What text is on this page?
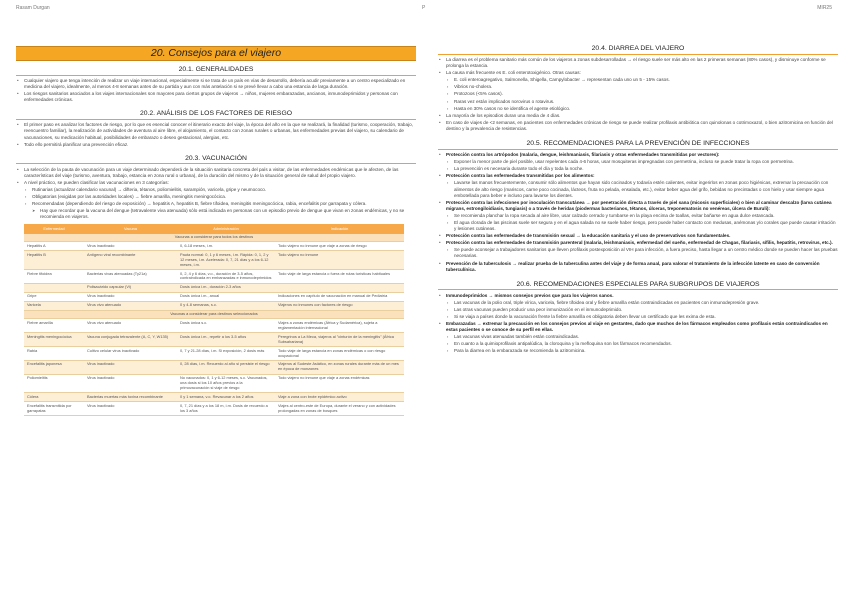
Rasam Durgan	P	MIR25
20. Consejos para el viajero
20.1. GENERALIDADES
• Cualquier viajero que tenga intención de realizar un viaje internacional, especialmente si se trata de un país en vías de desarrollo, debería acudir previamente a un centro especializado en medicina del viajero, idealmente, al menos 4-8 semanas antes de su partida y aun con más antelación si se prevé llevar a cabo una estancia de larga duración.
• Los riesgos sanitarios asociados a los viajes internacionales son mayores para ciertos grupos de viajeros → niños, mujeres embarazadas, ancianos, inmunodeprimidos y personas con enfermedades crónicas.
20.2. ANÁLISIS DE LOS FACTORES DE RIESGO
• El primer paso es analizar los factores de riesgo, por lo que es esencial conocer el itinerario exacto del viaje, la época del año en la que se realizará, la finalidad (turismo, cooperación, trabajo, reencuentro familiar), la realización de actividades de aventura al aire libre, el alojamiento, el contacto con zonas rurales o urbanas, las enfermedades previas del viajero, su calendario de vacunaciones, su medicación habitual, posibilidades de embarazo o deseo gestacional, alergias, etc.
• Todo ello permitirá planificar una prevención eficaz.
20.3. VACUNACIÓN
• La selección de la pauta de vacunación para un viaje determinado dependerá de la situación sanitaria concreta del país a visitar, de las enfermedades endémicas que le afecten, de las características del viaje (turismo, aventura, trabajo, estancia en zona rural o urbana), de la duración del mismo y de la situación general de salud del propio viajero.
• A nivel práctico, se pueden clasificar las vacunaciones en 3 categorías:
▪ Rutinarias (actualizar calendario vacunal) → difteria, tétanos, poliomielitis, sarampión, varicela, gripe y neumococo.
▪ Obligatorias (exigidas por las autoridades locales) → fiebre amarilla, meningitis meningocócica.
▪ Recomendadas (dependiendo del riesgo de exposición) → hepatitis A, hepatitis B, fiebre tifoidea, meningitis meningocócica, rabia, encefalitis por garrapata y cólera.
➤ Hay que recordar que la vacuna del dengue (tetravalente viva atenuada) sólo está indicada en personas con un episodio previo de dengue que vivan en zonas endémicas, y no se recomienda en viajeros.
Enfermedad	Vacuna	Administración	Indicación
Vacunas a considerar para todos los destinos			
Hepatitis A	Virus inactivado	0, 6-18 meses, i.m.	Todo viajero no inmune que viaje a zonas de riesgo
Hepatitis B	Antígeno viral recombinante	Pauta normal: 0, 1 y 6 meses, i.m. Rápida: 0, 1, 2 y 12 meses, i.m. Acelerada: 0, 7, 21 días y a los 6-12 meses, i.m.	Todo viajero no inmune
Fiebre tifoidea	Bacterias vivas atenuadas (Ty21a)	0, 2, 4 y 6 días, v.o., duración de 3-5 años, contraindicada en embarazadas e inmunodeprimidos	Todo viaje de larga estancia o fuera de rutas turísticas habituales
	Polisacárido capsular (Vi)	Dosis única i.m., duración 2-3 años	
Gripe	Virus inactivado	Dosis única i.m., anual	Indicaciones en capítulo de vacunación en manual de Pediatría
Varicela	Virus vivo atenuado	0 y 4-8 semanas, s.c.	Viajeros no inmunes con factores de riesgo
Vacunas a considerar para destinos seleccionados			
Fiebre amarilla	Virus vivo atenuado	Dosis única s.c.	Viajes a zonas endémicas (África y Sudamérica), sujeta a reglamentación internacional
Meningitis meningocócica	Vacuna conjugada tetravalente (A, C, Y, W135)	Dosis única i.m., repetir a los 3-5 años	Peregrinos a La Meca, viajeros al "cinturón de la meningitis" (África Subsahariana)
Rabia	Cultivo celular virus inactivado	0, 7 y 21-28 días, i.m. Si exposición, 2 dosis más	Todo viaje de larga estancia en zonas endémicas o con riesgo ocupacional
Encefalitis japonesa	Virus inactivado	0, 28 días, i.m. Recuerdo al año si persiste el riesgo	Viajeros al Sudeste Asiático, en zonas rurales durante más de un mes en época de monzones
Poliomielitis	Virus inactivado	No vacunados: 0, 1 y 6-12 meses, s.c. Vacunados, una dosis si los 10 años previos a la primovacunación si viaje de riesgo	Todo viajero no inmune que viaje a zonas endémicas
Cólera	Bacterias muertas más toxina recombinante	0 y 1 semana, v.o. Revacunar a los 2 años	Viaje a zona con brote epidémico activo
Encefalitis transmitida por garrapatas	Virus inactivado	0, 7, 21 días y a los 18 m, i.m. Dosis de recuerdo a los 3 años	Viajes al centro-este de Europa, durante el verano y con actividades prolongadas en zonas de bosques
20.4. DIARREA DEL VIAJERO
• La diarrea es el problema sanitario más común de los viajeros a zonas subdesarrolladas → el riesgo suele ser más alto en las 2 primeras semanas (80% casos), y disminuye conforme se prolonga la estancia.
• La causa más frecuente es E. coli enterotoxigénico. Otras causas:
▪ E. coli enteroagregativo, Salmonella, Shigella, Campylobacter → representan cada uno un 5 - 15% casos.
▪ Vibrios no-cholera.
▪ Protozoos (<5% casos).
▪ Raras vez están implicados norovirus o rotavirus.
▪ Hasta en 30% casos no se identifica el agente etiológico.
• La mayoría de los episodios duran una media de 4 días.
• En caso de viajes de <2 semanas, en pacientes con enfermedades crónicas de riesgo se puede realizar profilaxis antibiótica con quinolonas o cotrimoxazol, o bien azitromicina en función del destino y la prevalencia de resistencias.
20.5. RECOMENDACIONES PARA LA PREVENCIÓN DE INFECCIONES
• Protección contra los artrópodos (malaria, dengue, leishmaniasis, filariasis y otras enfermedades transmitidas por vectores):
▪ Exponer la menor parte de piel posible, usar repelentes cada 4-6 horas, usar mosquiteras impregnadas con permetrina, incluso se puede tratar la ropa con permetrina.
▪ La prevención es necesaria durante todo el día y toda la noche.
• Protección contra las enfermedades transmitidas por los alimentos:
▪ Lavarse las manos frecuentemente, consumir sólo alimentos que hayan sido cocinados y todavía estén calientes, evitar ingerirlos en zonas poco higiénicas, extremar la precaución con alimentos de alto riesgo (mariscos, carne poco cocinada, lácteos, fruta no pelada, ensalada, etc.), evitar beber agua del grifo, bebidas no precintadas o con hielo y usar siempre agua embotellada para beber e incluso para lavarse los dientes.
• Protección contra las infecciones por inoculación transcutánea → por penetración directa a través de piel sana (micosis superficiales) o bien al caminar descalzo (larva cutánea migrans, estrongiloidiasis, tungiasis) o a través de heridas (piodermas bacterianos, tétanos, úlceras, treponematosis no venéreas, úlcera de Buruli):
▪ Se recomienda planchar la ropa secada al aire libre, usar calzado cerrado y tumbarse en la playa encima de toallas, evitar bañarse en agua dulce estancada.
▪ El agua clorada de las piscinas suele ser segura y en el agua salada no se suele haber riesgo, pero puede haber contacto con medusas, anémonas y/o corales que puede causar irritación y lesiones cutáneas.
• Protección contra las enfermedades de transmisión sexual → la educación sanitaria y el uso de preservativos son fundamentales.
• Protección contra las enfermedades de transmisión parenteral (malaria, leishmaniasis, enfermedad del sueño, enfermedad de Chagas, filariasis, sífilis, hepatitis, retrovirus, etc.).
▪ Se puede aconsejar a trabajadores sanitarios que lleven profilaxis postexposición al VIH para infección, a fuera preciso, hasta llegar a un centro médico donde se pueden hacer las pruebas necesarias.
• Prevención de la tuberculosis → realizar prueba de la tuberculina antes del viaje y de forma anual, para valorar el tratamiento de la infección latente en caso de conversión tuberculínica.
20.6. RECOMENDACIONES ESPECIALES PARA SUBGRUPOS DE VIAJEROS
• Inmunodeprimidos → mismos consejos previos que para los viajeros sanos.
▪ Las vacunas de la polio oral, triple vírica, varicela, fiebre tifoidea oral y fiebre amarilla están contraindicadas en pacientes con inmunodepresión grave.
▪ Las otras vacunas pueden producir una peor inmunización en el inmunodeprimido.
▪ Si se viaja a países donde la vacunación frente la fiebre amarilla es obligatoria deben llevar un certificado que les exima de esta.
• Embarazadas → extremar la precaución en los consejos previos al viaje en gestantes, dado que muchos de los fármacos empleados como profilaxis están contraindicados en estas pacientes o se conoce de su perfil en ellas.
▪ Las vacunas vivas atenuadas también están contraindicadas.
▪ En cuanto a la quimioprofilaxis antipalúdica, la cloroquina y la mefloquina son los fármacos recomendados.
▪ Para la diarrea en la embarazada se recomienda la azitromicina.
